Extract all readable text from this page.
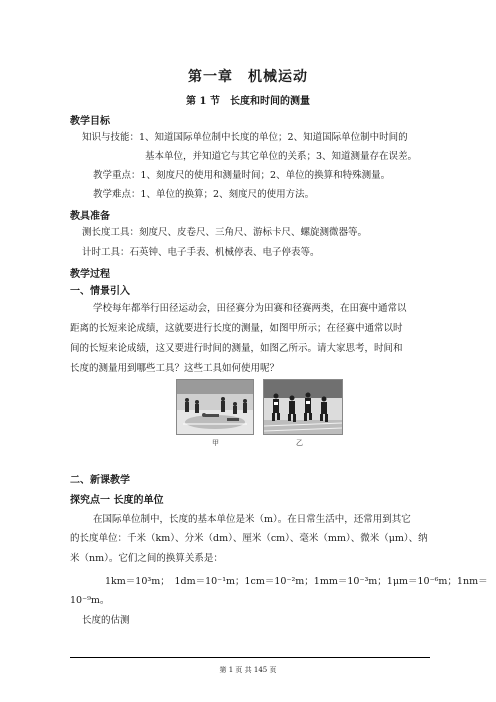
第一章　机械运动
第 1 节　长度和时间的测量
教学目标
知识与技能：1、知道国际单位制中长度的单位；2、知道国际单位制中时间的
基本单位，并知道它与其它单位的关系；3、知道测量存在误差。
教学重点：1、刻度尺的使用和测量时间；2、单位的换算和特殊测量。
教学难点：1、单位的换算；2、刻度尺的使用方法。
教具准备
测长度工具：刻度尺、皮卷尺、三角尺、游标卡尺、螺旋测微器等。
计时工具：石英钟、电子手表、机械停表、电子停表等。
教学过程
一、情景引入
学校每年都举行田径运动会，田径赛分为田赛和径赛两类，在田赛中通常以
距离的长短来论成绩，这就要进行长度的测量，如图甲所示；在径赛中通常以时
间的长短来论成绩，这又要进行时间的测量，如图乙所示。请大家思考，时间和
长度的测量用到哪些工具？这些工具如何使用呢？
甲	乙
二、新课教学
探究点一 长度的单位
在国际单位制中，长度的基本单位是米（m）。在日常生活中，还常用到其它
的长度单位：千米（km）、分米（dm）、厘米（cm）、毫米（mm）、微米（μm）、纳
米（nm）。它们之间的换算关系是：
1km＝10³m；　1dm＝10⁻¹m；1cm＝10⁻²m；1mm＝10⁻³m；1μm＝10⁻⁶m；1nm＝
10⁻⁹m。
长度的估测
第 1 页 共 145 页
